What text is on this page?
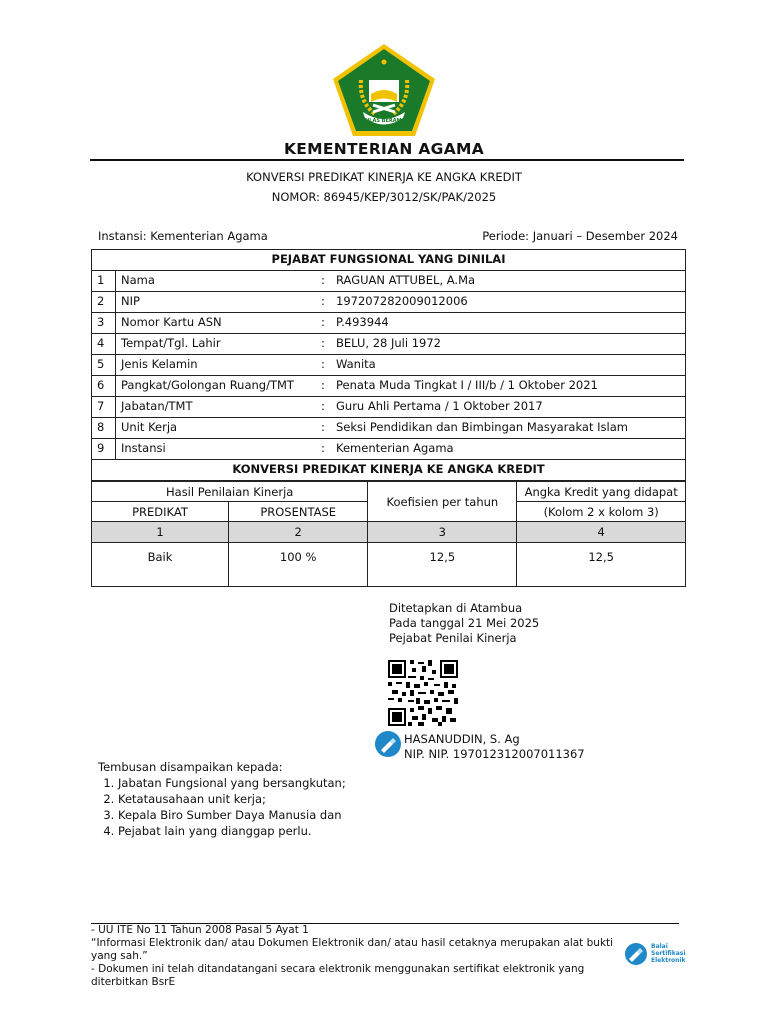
IKHLAS BERAMAL
KEMENTERIAN AGAMA
KONVERSI PREDIKAT KINERJA KE ANGKA KREDIT
NOMOR: 86945/KEP/3012/SK/PAK/2025
Instansi: Kementerian Agama	Periode: Januari – Desember 2024
PEJABAT FUNGSIONAL YANG DINILAI			
1	Nama	:	RAGUAN ATTUBEL, A.Ma
2	NIP	:	197207282009012006
3	Nomor Kartu ASN	:	P.493944
4	Tempat/Tgl. Lahir	:	BELU, 28 Juli 1972
5	Jenis Kelamin	:	Wanita
6	Pangkat/Golongan Ruang/TMT	:	Penata Muda Tingkat I / III/b / 1 Oktober 2021
7	Jabatan/TMT	:	Guru Ahli Pertama / 1 Oktober 2017
8	Unit Kerja	:	Seksi Pendidikan dan Bimbingan Masyarakat Islam
9	Instansi	:	Kementerian Agama
KONVERSI PREDIKAT KINERJA KE ANGKA KREDIT			
Hasil Penilaian Kinerja		Koefisien per tahun	Angka Kredit yang didapat
PREDIKAT	PROSENTASE		(Kolom 2 x kolom 3)
1	2	3	4
Baik	100 %	12,5	12,5
Ditetapkan di Atambua
Pada tanggal 21 Mei 2025
Pejabat Penilai Kinerja
HASANUDDIN, S. Ag
NIP. NIP. 197012312007011367
Tembusan disampaikan kepada:
1. Jabatan Fungsional yang bersangkutan;
2. Ketatausahaan unit kerja;
3. Kepala Biro Sumber Daya Manusia dan
4. Pejabat lain yang dianggap perlu.
- UU ITE No 11 Tahun 2008 Pasal 5 Ayat 1
“Informasi Elektronik dan/ atau Dokumen Elektronik dan/ atau hasil cetaknya merupakan alat bukti yang sah.”
- Dokumen ini telah ditandatangani secara elektronik menggunakan sertifikat elektronik yang diterbitkan BsrE
Balai Sertifikasi Elektronik
